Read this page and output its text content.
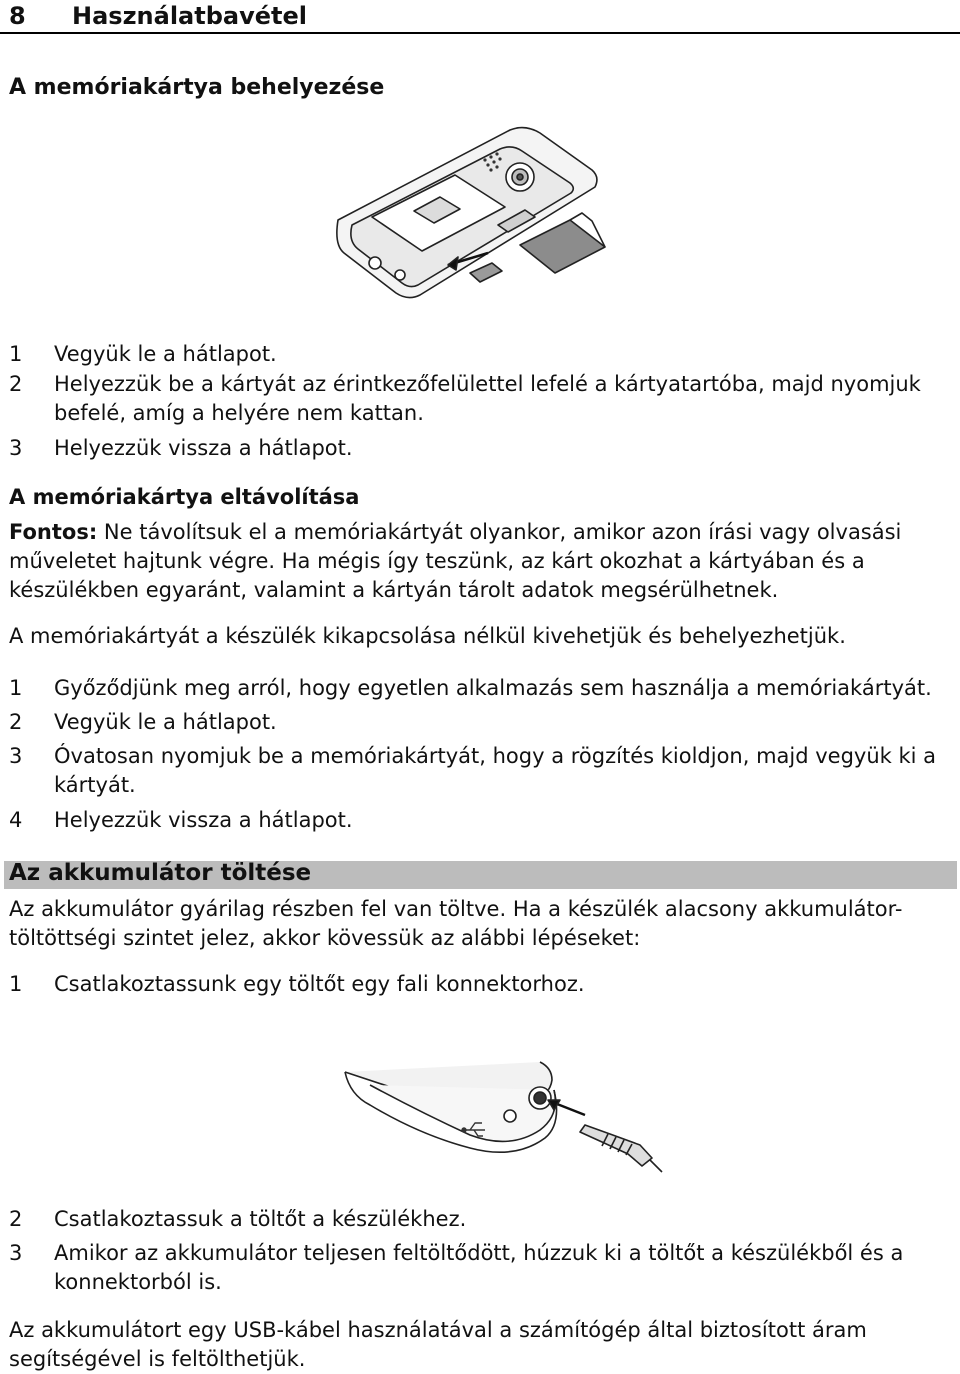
8 Használatbavétel
A memóriakártya behelyezése
1 Vegyük le a hátlapot.
2 Helyezzük be a kártyát az érintkezőfelülettel lefelé a kártyatartóba, majd nyomjuk befelé, amíg a helyére nem kattan.
3 Helyezzük vissza a hátlapot.
A memóriakártya eltávolítása
Fontos: Ne távolítsuk el a memóriakártyát olyankor, amikor azon írási vagy olvasási műveletet hajtunk végre. Ha mégis így teszünk, az kárt okozhat a kártyában és a készülékben egyaránt, valamint a kártyán tárolt adatok megsérülhetnek.
A memóriakártyát a készülék kikapcsolása nélkül kivehetjük és behelyezhetjük.
1 Győződjünk meg arról, hogy egyetlen alkalmazás sem használja a memóriakártyát.
2 Vegyük le a hátlapot.
3 Óvatosan nyomjuk be a memóriakártyát, hogy a rögzítés kioldjon, majd vegyük ki a kártyát.
4 Helyezzük vissza a hátlapot.
Az akkumulátor töltése
Az akkumulátor gyárilag részben fel van töltve. Ha a készülék alacsony akkumulátor-töltöttségi szintet jelez, akkor kövessük az alábbi lépéseket:
1 Csatlakoztassunk egy töltőt egy fali konnektorhoz.
2 Csatlakoztassuk a töltőt a készülékhez.
3 Amikor az akkumulátor teljesen feltöltődött, húzzuk ki a töltőt a készülékből és a konnektorból is.
Az akkumulátort egy USB-kábel használatával a számítógép által biztosított áram segítségével is feltölthetjük.
